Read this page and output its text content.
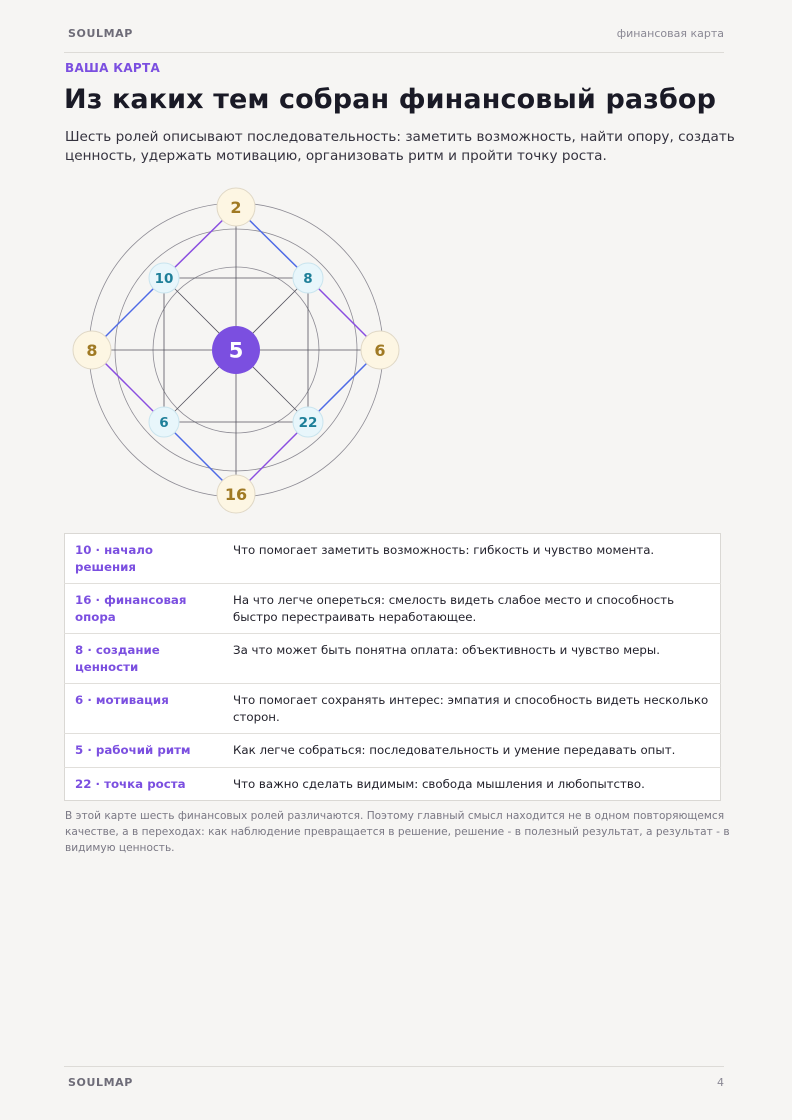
SOULMAP	финансовая карта
ВАША КАРТА
Из каких тем собран финансовый разбор

Шесть ролей описывают последовательность: заметить возможность, найти опору, создать ценность, удержать мотивацию, организовать ритм и пройти точку роста.

5
2
6
16
8
10	8
6	22
10 · начало решения	Что помогает заметить возможность: гибкость и чувство момента.
16 · финансовая опора	На что легче опереться: смелость видеть слабое место и способность быстро перестраивать неработающее.
8 · создание ценности	За что может быть понятна оплата: объективность и чувство меры.
6 · мотивация	Что помогает сохранять интерес: эмпатия и способность видеть несколько сторон.
5 · рабочий ритм	Как легче собраться: последовательность и умение передавать опыт.
22 · точка роста	Что важно сделать видимым: свобода мышления и любопытство.

В этой карте шесть финансовых ролей различаются. Поэтому главный смысл находится не в одном повторяющемся качестве, а в переходах: как наблюдение превращается в решение, решение - в полезный результат, а результат - в видимую ценность.

SOULMAP	4
